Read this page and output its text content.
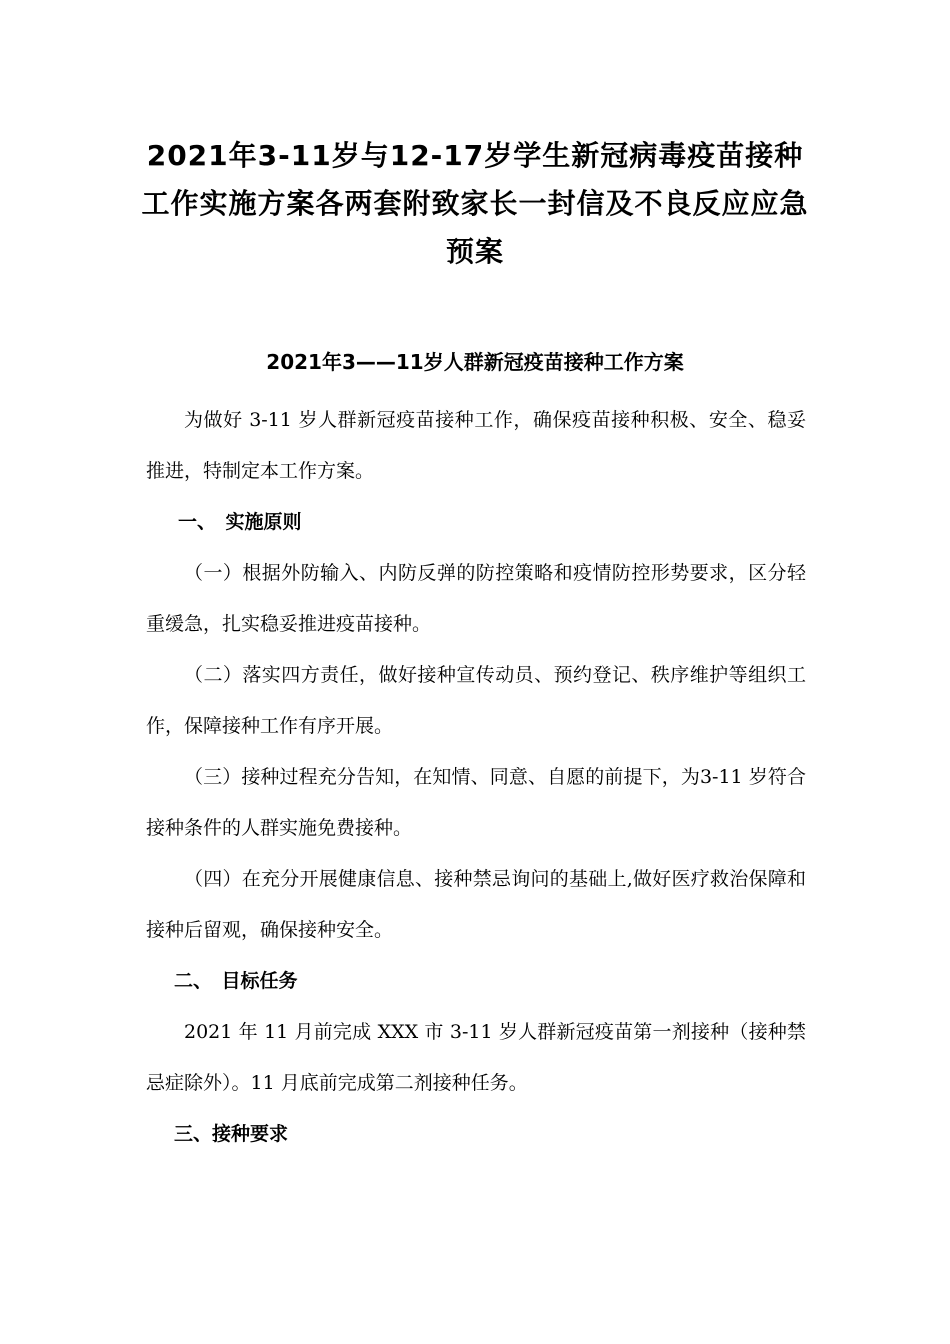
2021年3-11岁与12-17岁学生新冠病毒疫苗接种工作实施方案各两套附致家长一封信及不良反应应急预案
2021年3——11岁人群新冠疫苗接种工作方案

为做好 3-11 岁人群新冠疫苗接种工作，确保疫苗接种积极、安全、稳妥推进，特制定本工作方案。

一、　实施原则

（一）根据外防输入、内防反弹的防控策略和疫情防控形势要求，区分轻重缓急，扎实稳妥推进疫苗接种。

（二）落实四方责任，做好接种宣传动员、预约登记、秩序维护等组织工作，保障接种工作有序开展。

（三）接种过程充分告知，在知情、同意、自愿的前提下，为3-11 岁符合接种条件的人群实施免费接种。

（四）在充分开展健康信息、接种禁忌询问的基础上,做好医疗救治保障和接种后留观，确保接种安全。

二、　目标任务

2021 年 11 月前完成 XXX 市 3-11 岁人群新冠疫苗第一剂接种（接种禁忌症除外）。11 月底前完成第二剂接种任务。

三、接种要求
